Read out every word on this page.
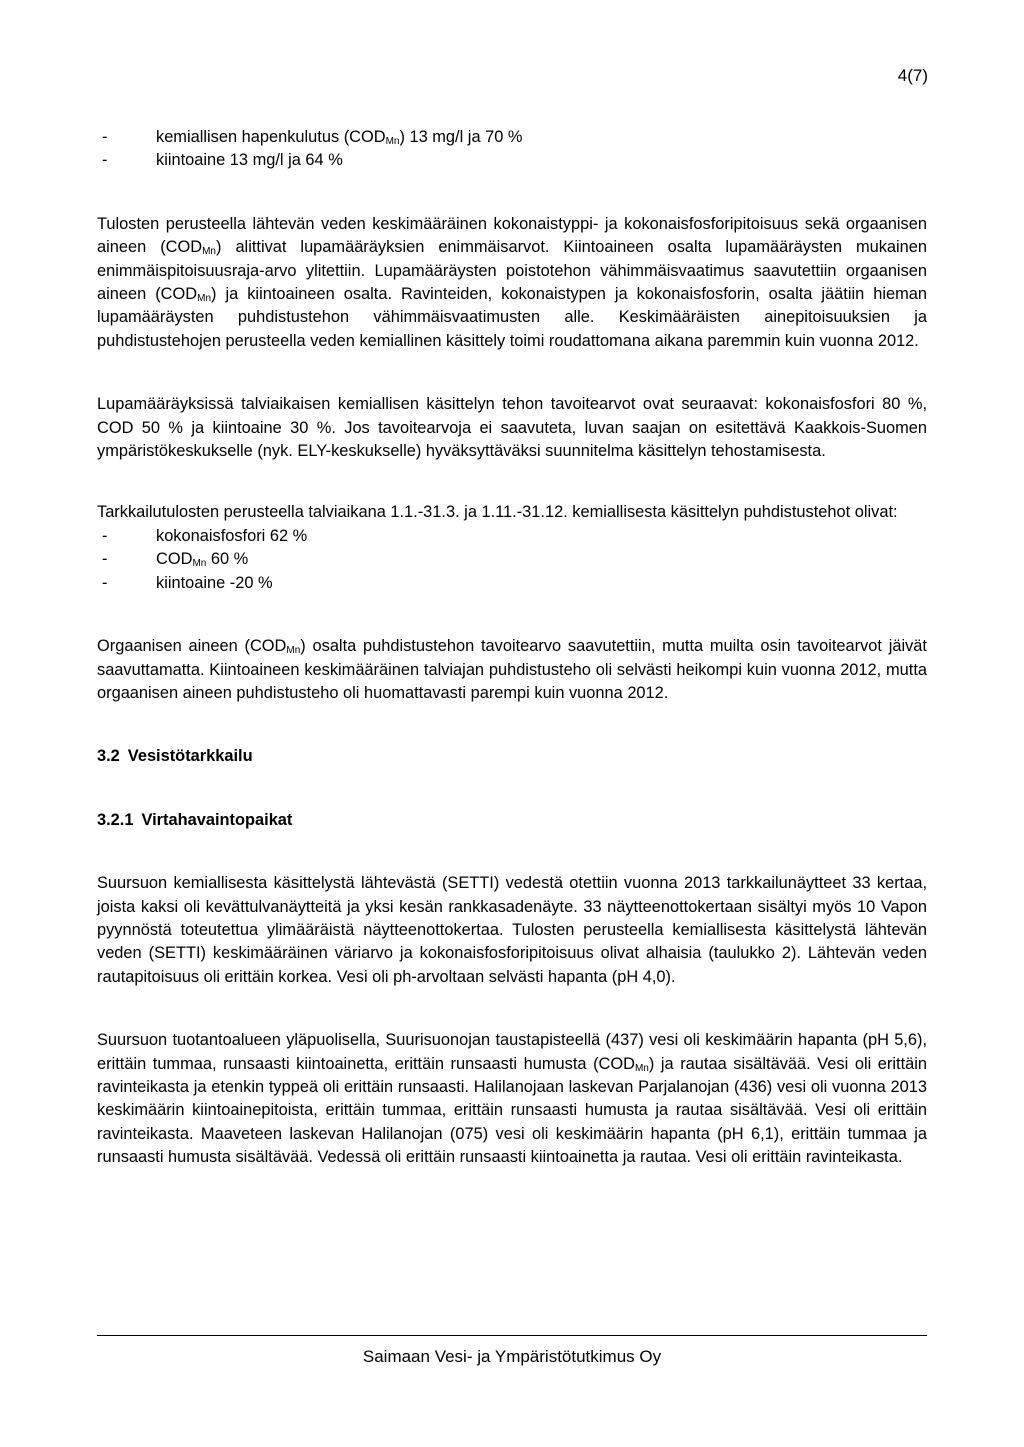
4(7)
-	kemiallisen hapenkulutus $(COD_{Mn})$ 13 mg/l ja 70 %
-	kiintoaine 13 mg/l ja 64 %

Tulosten perusteella lähtevän veden keskimääräinen kokonaistyppi- ja kokonaisfosforipitoisuus sekä orgaanisen aineen $(COD_{Mn})$ alittivat lupamääräyksien enimmäisarvot. Kiintoaineen osalta lupamääräysten mukainen enimmäispitoisuusraja-arvo ylitettiin. Lupamääräysten poistotehon vähimmäisvaatimus saavutettiin orgaanisen aineen $(COD_{Mn})$ ja kiintoaineen osalta. Ravinteiden, kokonaistypen ja kokonaisfosforin, osalta jäätiin hieman lupamääräysten puhdistustehon vähimmäisvaatimusten alle. Keskimääräisten ainepitoisuuksien ja puhdistustehojen perusteella veden kemiallinen käsittely toimi roudattomana aikana paremmin kuin vuonna 2012.

Lupamääräyksissä talviaikaisen kemiallisen käsittelyn tehon tavoitearvot ovat seuraavat: kokonaisfosfori 80 %, COD 50 % ja kiintoaine 30 %. Jos tavoitearvoja ei saavuteta, luvan saajan on esitettävä Kaakkois-Suomen ympäristökeskukselle (nyk. ELY-keskukselle) hyväksyttäväksi suunnitelma käsittelyn tehostamisesta.

Tarkkailutulosten perusteella talviaikana 1.1.-31.3. ja 1.11.-31.12. kemiallisesta käsittelyn puhdistustehot olivat:

-	kokonaisfosfori 62 %
-	$COD_{Mn}$ 60 %
-	kiintoaine -20 %

Orgaanisen aineen $(COD_{Mn})$ osalta puhdistustehon tavoitearvo saavutettiin, mutta muilta osin tavoitearvot jäivät saavuttamatta. Kiintoaineen keskimääräinen talviajan puhdistusteho oli selvästi heikompi kuin vuonna 2012, mutta orgaanisen aineen puhdistusteho oli huomattavasti parempi kuin vuonna 2012.

3.2 Vesistötarkkailu
3.2.1 Virtahavaintopaikat

Suursuon kemiallisesta käsittelystä lähtevästä (SETTI) vedestä otettiin vuonna 2013 tarkkailunäytteet 33 kertaa, joista kaksi oli kevättulvanäytteitä ja yksi kesän rankkasadenäyte. 33 näytteenottokertaan sisältyi myös 10 Vapon pyynnöstä toteutettua ylimääräistä näytteenottokertaa. Tulosten perusteella kemiallisesta käsittelystä lähtevän veden (SETTI) keskimääräinen väriarvo ja kokonaisfosforipitoisuus olivat alhaisia (taulukko 2). Lähtevän veden rautapitoisuus oli erittäin korkea. Vesi oli ph-arvoltaan selvästi hapanta (pH 4,0).

Suursuon tuotantoalueen yläpuolisella, Suurisuonojan taustapisteellä (437) vesi oli keskimäärin hapanta (pH 5,6), erittäin tummaa, runsaasti kiintoainetta, erittäin runsaasti humusta $(COD_{Mn})$ ja rautaa sisältävää. Vesi oli erittäin ravinteikasta ja etenkin typpeä oli erittäin runsaasti. Halilanojaan laskevan Parjalanojan (436) vesi oli vuonna 2013 keskimäärin kiintoainepitoista, erittäin tummaa, erittäin runsaasti humusta ja rautaa sisältävää. Vesi oli erittäin ravinteikasta. Maaveteen laskevan Halilanojan (075) vesi oli keskimäärin hapanta (pH 6,1), erittäin tummaa ja runsaasti humusta sisältävää. Vedessä oli erittäin runsaasti kiintoainetta ja rautaa. Vesi oli erittäin ravinteikasta.

Saimaan Vesi- ja Ympäristötutkimus Oy
